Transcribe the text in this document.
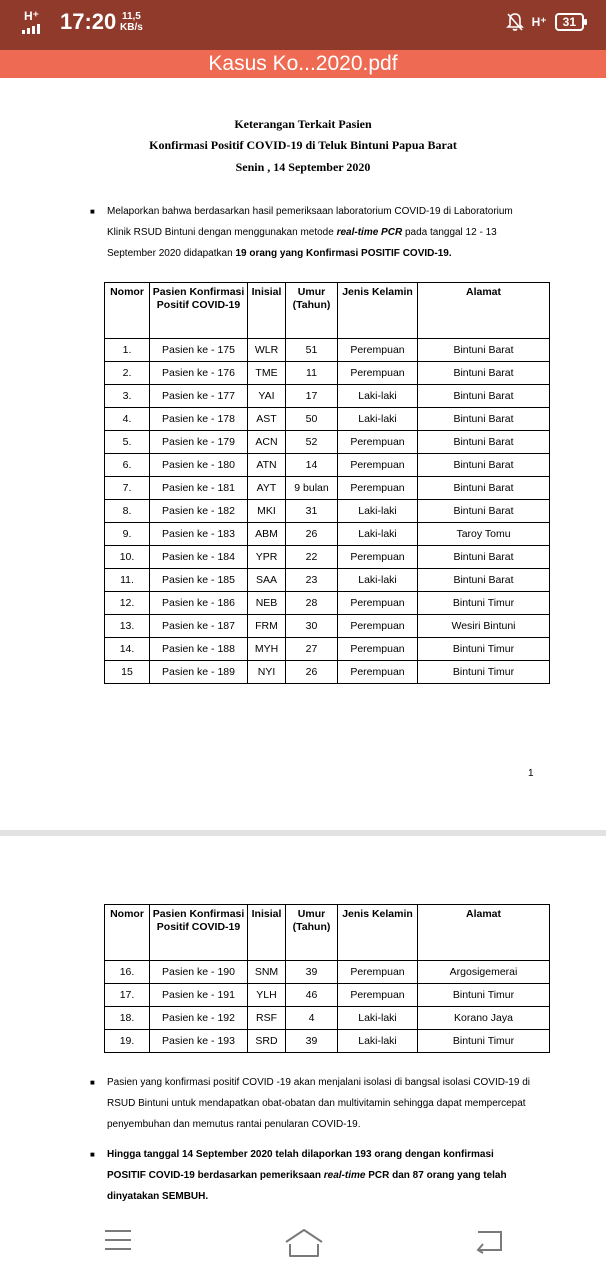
H⁺ 17:20 11,5
KB/s	H⁺	31
Kasus Ko...2020.pdf
Keterangan Terkait Pasien
Konfirmasi Positif COVID-19 di Teluk Bintuni Papua Barat
Senin , 14 September 2020
■ Melaporkan bahwa berdasarkan hasil pemeriksaan laboratorium COVID-19 di Laboratorium Klinik RSUD Bintuni dengan menggunakan metode real-time PCR pada tanggal 12 - 13 September 2020 didapatkan 19 orang yang Konfirmasi POSITIF COVID-19.
Nomor	Pasien Konfirmasi Positif COVID-19	Inisial	Umur (Tahun)	Jenis Kelamin	Alamat
1.	Pasien ke - 175	WLR	51	Perempuan	Bintuni Barat
2.	Pasien ke - 176	TME	11	Perempuan	Bintuni Barat
3.	Pasien ke - 177	YAI	17	Laki-laki	Bintuni Barat
4.	Pasien ke - 178	AST	50	Laki-laki	Bintuni Barat
5.	Pasien ke - 179	ACN	52	Perempuan	Bintuni Barat
6.	Pasien ke - 180	ATN	14	Perempuan	Bintuni Barat
7.	Pasien ke - 181	AYT	9 bulan	Perempuan	Bintuni Barat
8.	Pasien ke - 182	MKI	31	Laki-laki	Bintuni Barat
9.	Pasien ke - 183	ABM	26	Laki-laki	Taroy Tomu
10.	Pasien ke - 184	YPR	22	Perempuan	Bintuni Barat
11.	Pasien ke - 185	SAA	23	Laki-laki	Bintuni Barat
12.	Pasien ke - 186	NEB	28	Perempuan	Bintuni Timur
13.	Pasien ke - 187	FRM	30	Perempuan	Wesiri Bintuni
14.	Pasien ke - 188	MYH	27	Perempuan	Bintuni Timur
15	Pasien ke - 189	NYI	26	Perempuan	Bintuni Timur
1
Nomor	Pasien Konfirmasi Positif COVID-19	Inisial	Umur (Tahun)	Jenis Kelamin	Alamat
16.	Pasien ke - 190	SNM	39	Perempuan	Argosigemerai
17.	Pasien ke - 191	YLH	46	Perempuan	Bintuni Timur
18.	Pasien ke - 192	RSF	4	Laki-laki	Korano Jaya
19.	Pasien ke - 193	SRD	39	Laki-laki	Bintuni Timur
■ Pasien yang konfirmasi positif COVID -19 akan menjalani isolasi di bangsal isolasi COVID-19 di RSUD Bintuni untuk mendapatkan obat-obatan dan multivitamin sehingga dapat mempercepat penyembuhan dan memutus rantai penularan COVID-19.
■ Hingga tanggal 14 September 2020 telah dilaporkan 193 orang dengan konfirmasi POSITIF COVID-19 berdasarkan pemeriksaan real-time PCR dan 87 orang yang telah dinyatakan SEMBUH.
